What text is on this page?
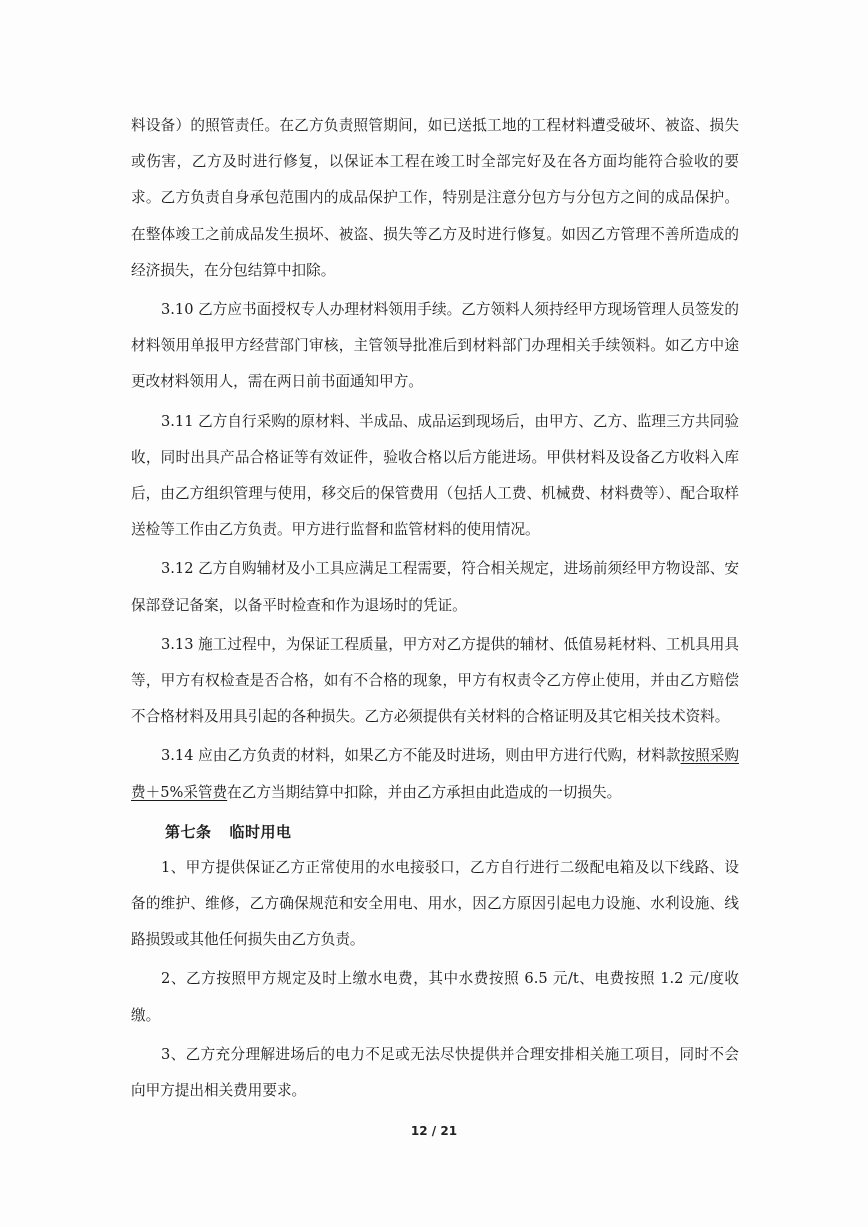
料设备）的照管责任。在乙方负责照管期间，如已送抵工地的工程材料遭受破坏、被盗、损失或伤害，乙方及时进行修复，以保证本工程在竣工时全部完好及在各方面均能符合验收的要求。乙方负责自身承包范围内的成品保护工作，特别是注意分包方与分包方之间的成品保护。在整体竣工之前成品发生损坏、被盗、损失等乙方及时进行修复。如因乙方管理不善所造成的经济损失，在分包结算中扣除。

3.10 乙方应书面授权专人办理材料领用手续。乙方领料人须持经甲方现场管理人员签发的材料领用单报甲方经营部门审核，主管领导批准后到材料部门办理相关手续领料。如乙方中途更改材料领用人，需在两日前书面通知甲方。

3.11 乙方自行采购的原材料、半成品、成品运到现场后，由甲方、乙方、监理三方共同验收，同时出具产品合格证等有效证件，验收合格以后方能进场。甲供材料及设备乙方收料入库后，由乙方组织管理与使用，移交后的保管费用（包括人工费、机械费、材料费等）、配合取样送检等工作由乙方负责。甲方进行监督和监管材料的使用情况。

3.12 乙方自购辅材及小工具应满足工程需要，符合相关规定，进场前须经甲方物设部、安保部登记备案，以备平时检查和作为退场时的凭证。

3.13 施工过程中，为保证工程质量，甲方对乙方提供的辅材、低值易耗材料、工机具用具等，甲方有权检查是否合格，如有不合格的现象，甲方有权责令乙方停止使用，并由乙方赔偿不合格材料及用具引起的各种损失。乙方必须提供有关材料的合格证明及其它相关技术资料。

3.14 应由乙方负责的材料，如果乙方不能及时进场，则由甲方进行代购，材料款按照采购费＋5%采管费在乙方当期结算中扣除，并由乙方承担由此造成的一切损失。

第七条 临时用电

1、甲方提供保证乙方正常使用的水电接驳口，乙方自行进行二级配电箱及以下线路、设备的维护、维修，乙方确保规范和安全用电、用水，因乙方原因引起电力设施、水利设施、线路损毁或其他任何损失由乙方负责。

2、乙方按照甲方规定及时上缴水电费，其中水费按照 6.5 元/t、电费按照 1.2 元/度收缴。

3、乙方充分理解进场后的电力不足或无法尽快提供并合理安排相关施工项目，同时不会向甲方提出相关费用要求。

12 / 21
